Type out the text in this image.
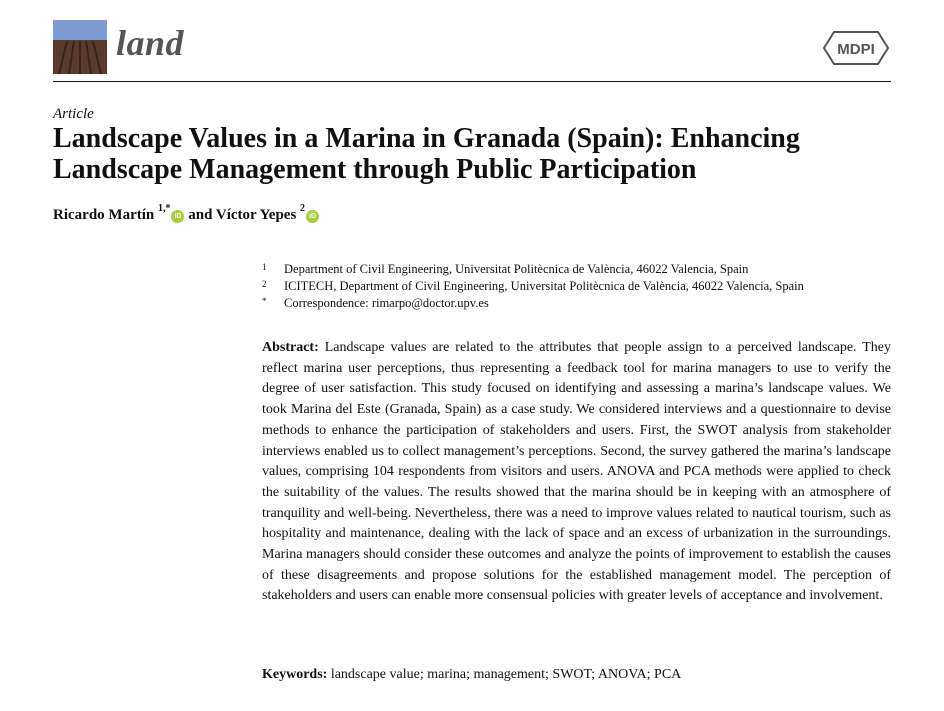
land	MDPI
Article
Landscape Values in a Marina in Granada (Spain): Enhancing
Landscape Management through Public Participation
Ricardo Martín $^{1,*}$iD and Víctor Yepes $^2$iD
1	Department of Civil Engineering, Universitat Politècnica de València, 46022 Valencia, Spain
2	ICITECH, Department of Civil Engineering, Universitat Politècnica de València, 46022 Valencia, Spain
*	Correspondence: rimarpo@doctor.upv.es

Abstract: Landscape values are related to the attributes that people assign to a perceived landscape. They reflect marina user perceptions, thus representing a feedback tool for marina managers to use to verify the degree of user satisfaction. This study focused on identifying and assessing a marina’s landscape values. We took Marina del Este (Granada, Spain) as a case study. We considered interviews and a questionnaire to devise methods to enhance the participation of stakeholders and users. First, the SWOT analysis from stakeholder interviews enabled us to collect management’s perceptions. Second, the survey gathered the marina’s landscape values, comprising 104 respondents from visitors and users. ANOVA and PCA methods were applied to check the suitability of the values. The results showed that the marina should be in keeping with an atmosphere of tranquility and well-being. Nevertheless, there was a need to improve values related to nautical tourism, such as hospitality and maintenance, dealing with the lack of space and an excess of urbanization in the surroundings. Marina managers should consider these outcomes and analyze the points of improvement to establish the causes of these disagreements and propose solutions for the established management model. The perception of stakeholders and users can enable more consensual policies with greater levels of acceptance and involvement.

Keywords: landscape value; marina; management; SWOT; ANOVA; PCA
